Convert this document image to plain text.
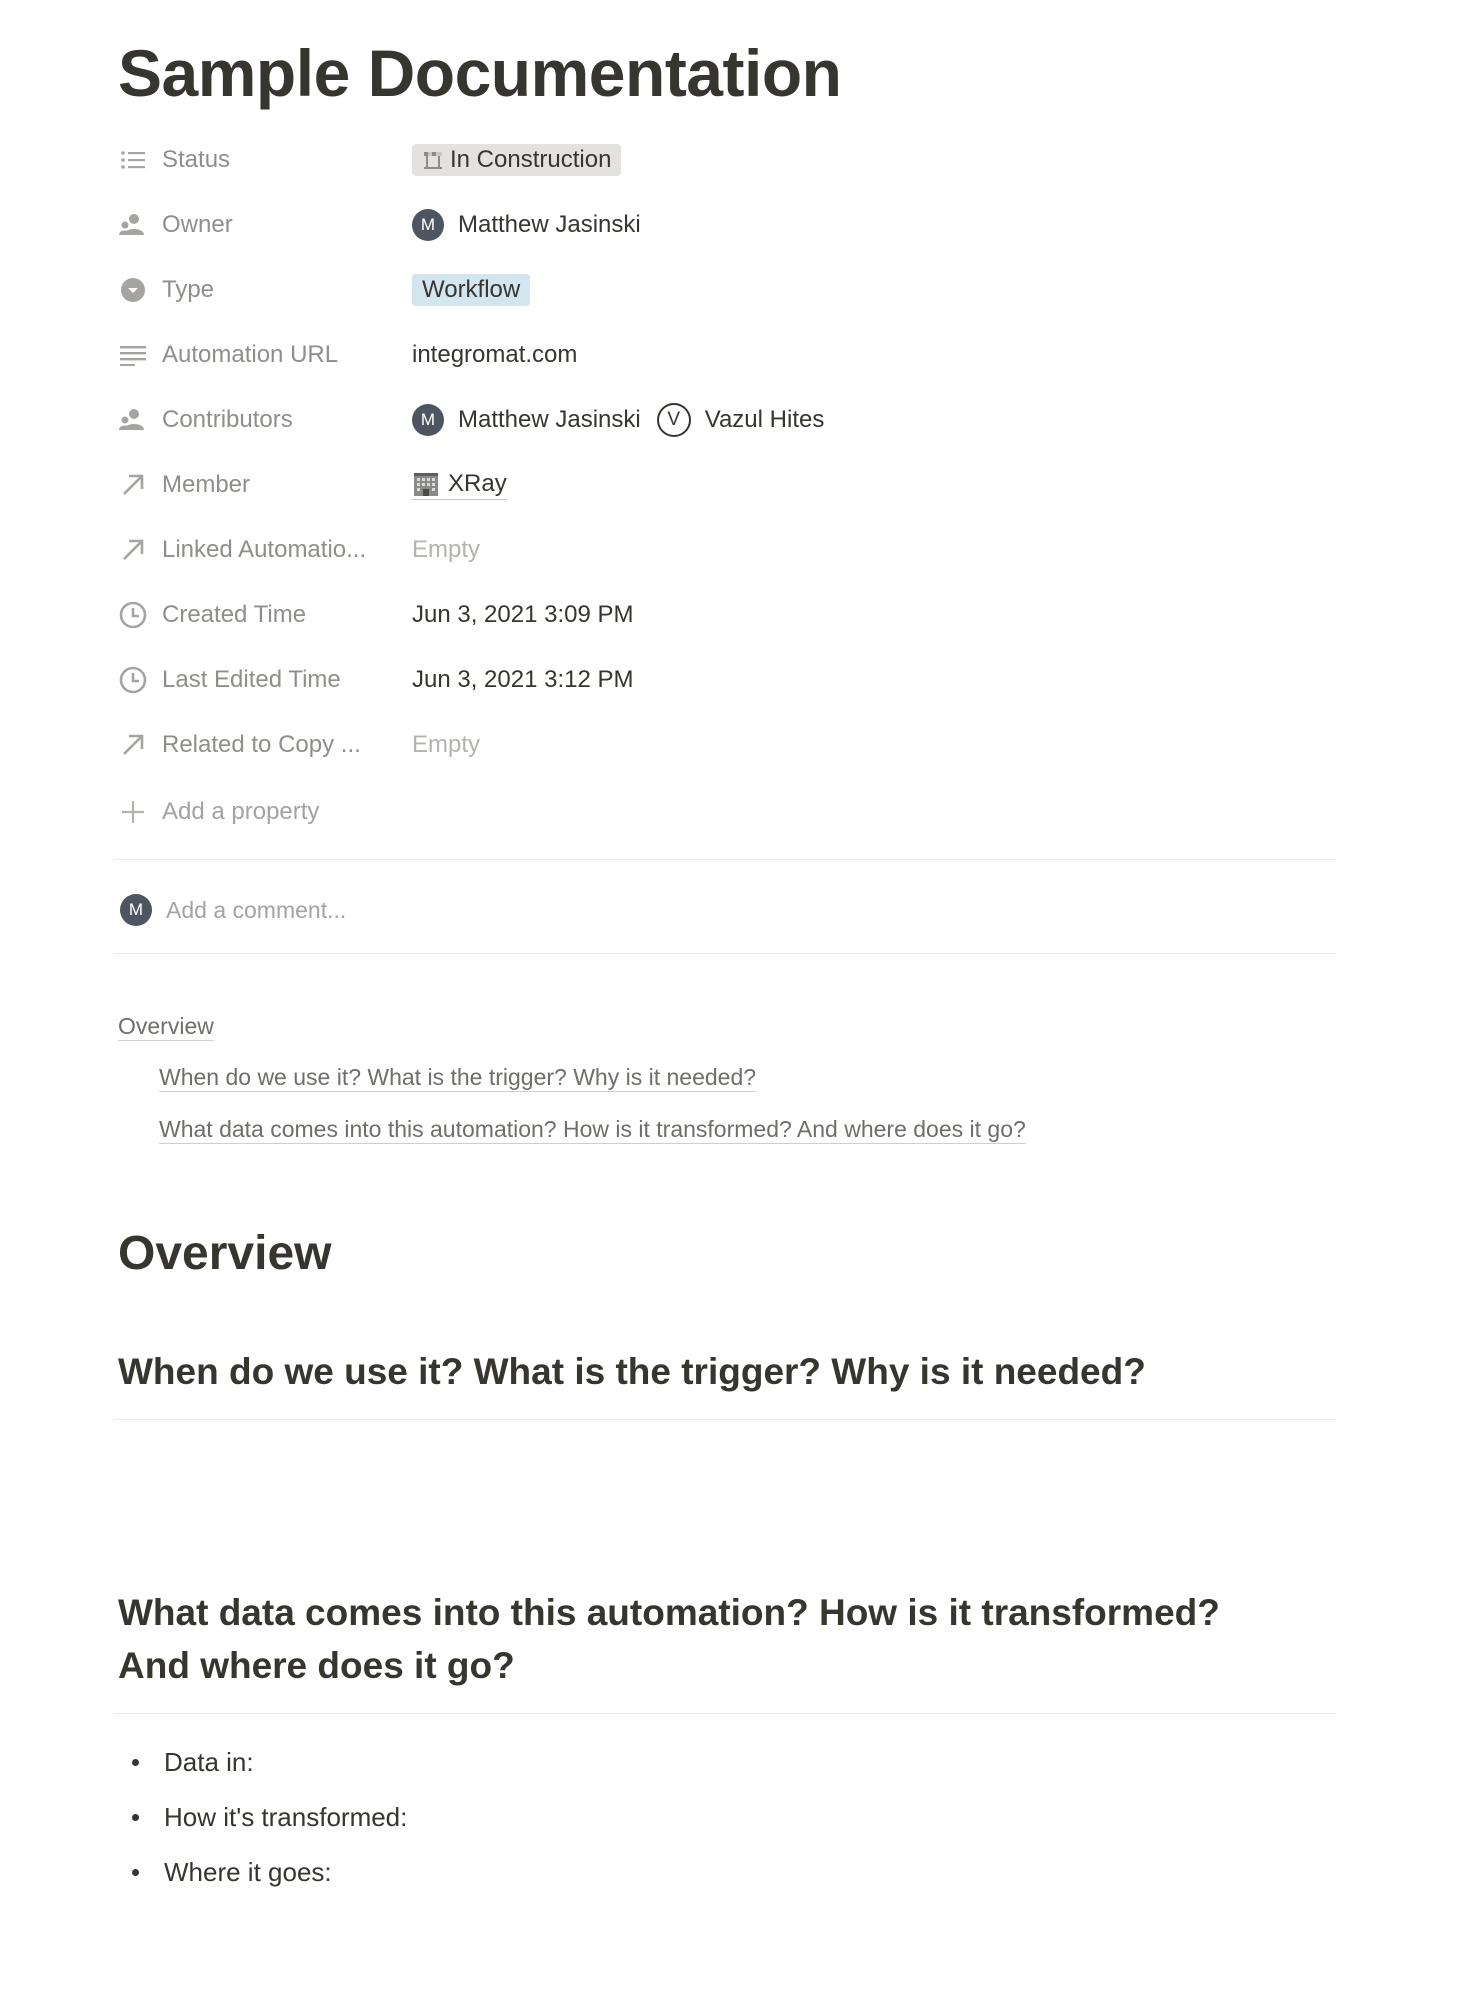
Sample Documentation
Status	In Construction
Owner	M Matthew Jasinski
Type	Workflow
Automation URL	integromat.com
Contributors	M Matthew Jasinski	V	Vazul Hites
Member	XRay
Linked Automatio... Empty
Created Time	Jun 3, 2021 3:09 PM
Last Edited Time	Jun 3, 2021 3:12 PM
Related to Copy ... Empty
Add a property
M Add a comment...
Overview
When do we use it? What is the trigger? Why is it needed?
What data comes into this automation? How is it transformed? And where does it go?
Overview
When do we use it? What is the trigger? Why is it needed?
What data comes into this automation? How is it transformed?
And where does it go?
Data in:
How it's transformed:
Where it goes:
